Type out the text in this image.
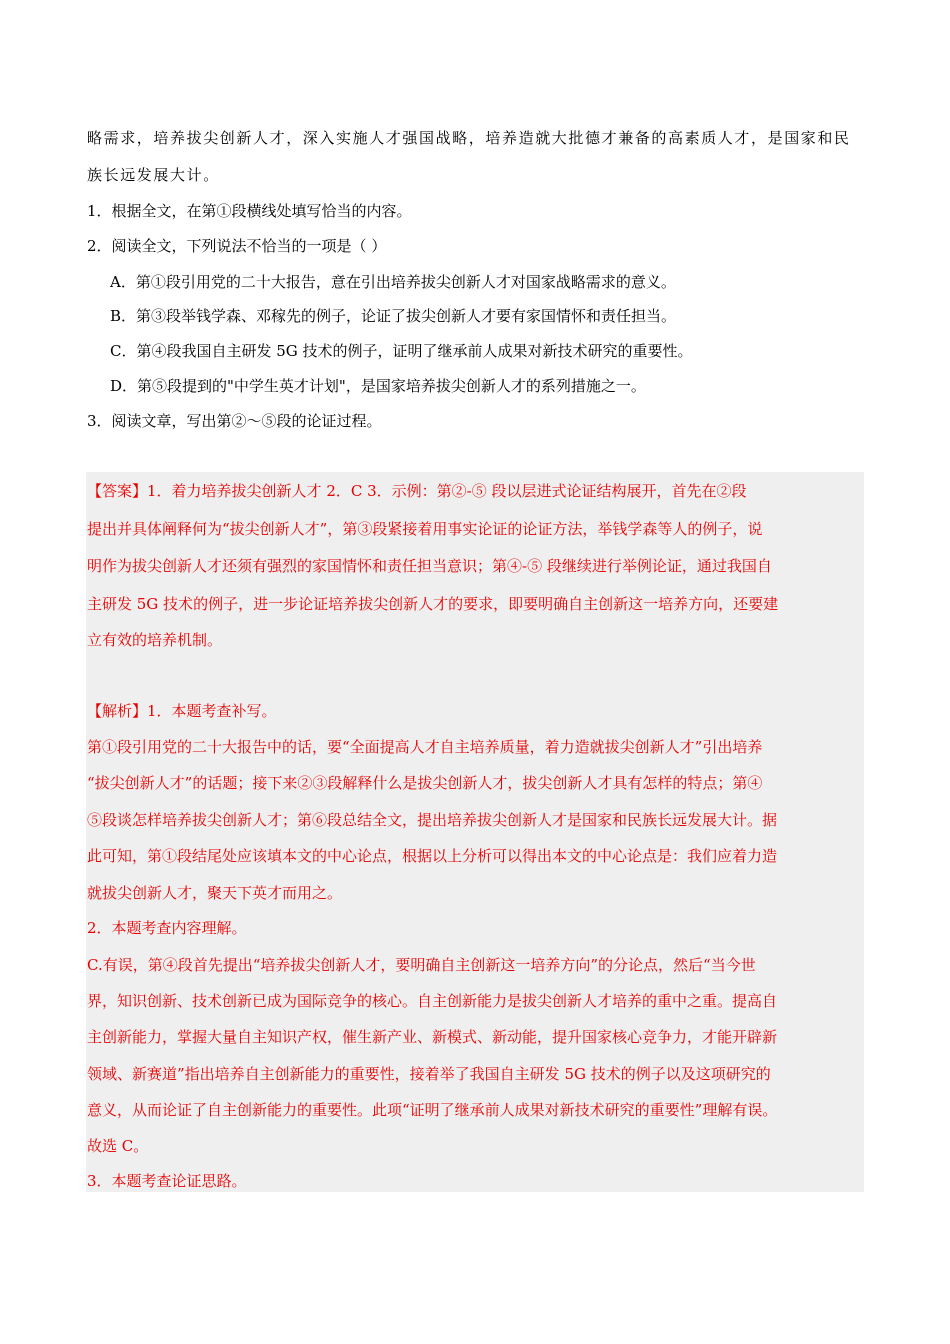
略需求，培养拔尖创新人才，深入实施人才强国战略，培养造就大批德才兼备的高素质人才，是国家和民
族长远发展大计。
1．根据全文，在第①段横线处填写恰当的内容。
2．阅读全文，下列说法不恰当的一项是（ ）
A．第①段引用党的二十大报告，意在引出培养拔尖创新人才对国家战略需求的意义。
B．第③段举钱学森、邓稼先的例子，论证了拔尖创新人才要有家国情怀和责任担当。
C．第④段我国自主研发 5G 技术的例子，证明了继承前人成果对新技术研究的重要性。
D．第⑤段提到的"中学生英才计划"，是国家培养拔尖创新人才的系列措施之一。
3．阅读文章，写出第②～⑤段的论证过程。
【答案】1．着力培养拔尖创新人才 2．C 3．示例：第②-⑤ 段以层进式论证结构展开，首先在②段
提出并具体阐释何为“拔尖创新人才”，第③段紧接着用事实论证的论证方法，举钱学森等人的例子，说
明作为拔尖创新人才还须有强烈的家国情怀和责任担当意识；第④-⑤ 段继续进行举例论证，通过我国自
主研发 5G 技术的例子，进一步论证培养拔尖创新人才的要求，即要明确自主创新这一培养方向，还要建
立有效的培养机制。
【解析】1．本题考查补写。
第①段引用党的二十大报告中的话，要“全面提高人才自主培养质量，着力造就拔尖创新人才”引出培养
“拔尖创新人才”的话题；接下来②③段解释什么是拔尖创新人才，拔尖创新人才具有怎样的特点；第④
⑤段谈怎样培养拔尖创新人才；第⑥段总结全文，提出培养拔尖创新人才是国家和民族长远发展大计。据
此可知，第①段结尾处应该填本文的中心论点，根据以上分析可以得出本文的中心论点是：我们应着力造
就拔尖创新人才，聚天下英才而用之。
2．本题考查内容理解。
C.有误，第④段首先提出“培养拔尖创新人才，要明确自主创新这一培养方向”的分论点，然后“当今世
界，知识创新、技术创新已成为国际竞争的核心。自主创新能力是拔尖创新人才培养的重中之重。提高自
主创新能力，掌握大量自主知识产权，催生新产业、新模式、新动能，提升国家核心竞争力，才能开辟新
领域、新赛道”指出培养自主创新能力的重要性，接着举了我国自主研发 5G 技术的例子以及这项研究的
意义，从而论证了自主创新能力的重要性。此项“证明了继承前人成果对新技术研究的重要性”理解有误。
故选 C。
3．本题考查论证思路。
